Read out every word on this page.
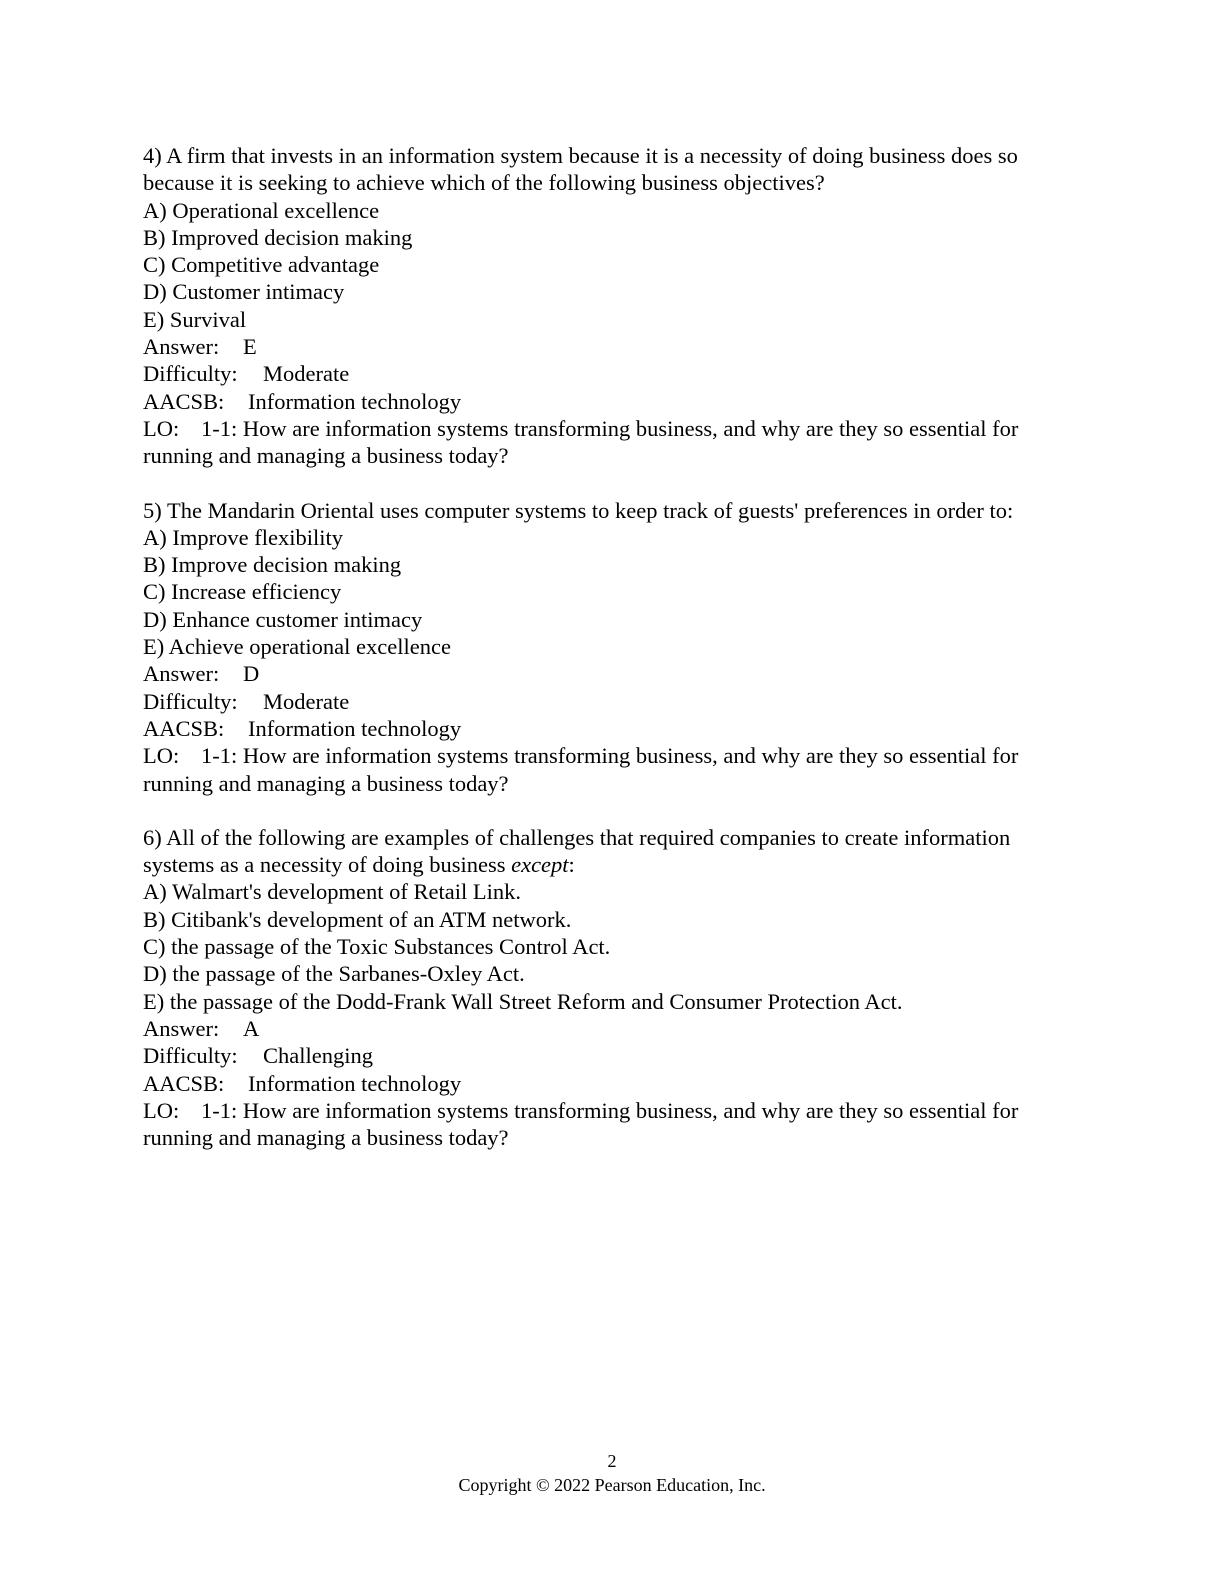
4) A firm that invests in an information system because it is a necessity of doing business does so because it is seeking to achieve which of the following business objectives?
A) Operational excellence
B) Improved decision making
C) Competitive advantage
D) Customer intimacy
E) Survival
Answer: E
Difficulty: Moderate
AACSB: Information technology
LO: 1-1: How are information systems transforming business, and why are they so essential for running and managing a business today?
5) The Mandarin Oriental uses computer systems to keep track of guests' preferences in order to:
A) Improve flexibility
B) Improve decision making
C) Increase efficiency
D) Enhance customer intimacy
E) Achieve operational excellence
Answer: D
Difficulty: Moderate
AACSB: Information technology
LO: 1-1: How are information systems transforming business, and why are they so essential for running and managing a business today?
6) All of the following are examples of challenges that required companies to create information systems as a necessity of doing business except:
A) Walmart's development of Retail Link.
B) Citibank's development of an ATM network.
C) the passage of the Toxic Substances Control Act.
D) the passage of the Sarbanes-Oxley Act.
E) the passage of the Dodd-Frank Wall Street Reform and Consumer Protection Act.
Answer: A
Difficulty: Challenging
AACSB: Information technology
LO: 1-1: How are information systems transforming business, and why are they so essential for running and managing a business today?
2
Copyright © 2022 Pearson Education, Inc.
